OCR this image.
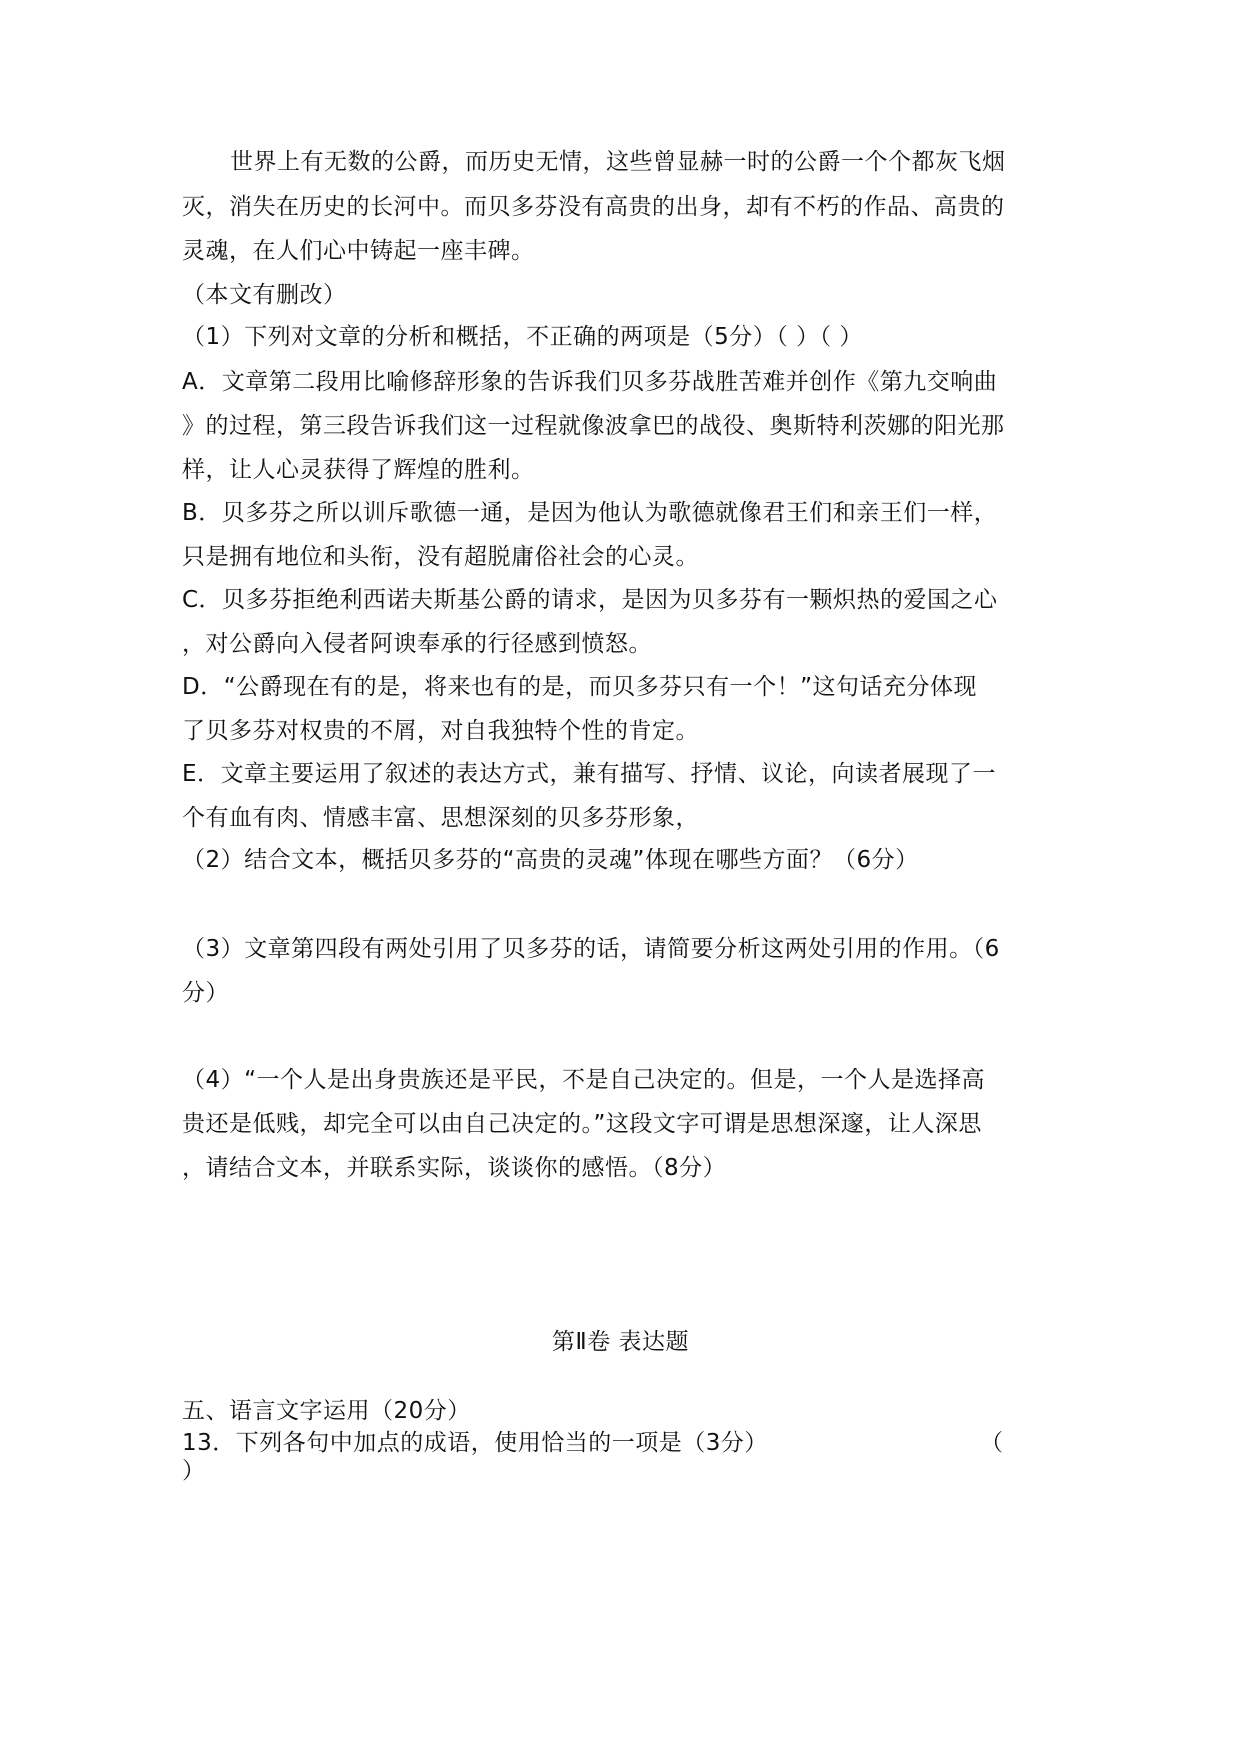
世界上有无数的公爵，而历史无情，这些曾显赫一时的公爵一个个都灰飞烟
灭，消失在历史的长河中。而贝多芬没有高贵的出身，却有不朽的作品、高贵的
灵魂，在人们心中铸起一座丰碑。
（本文有删改）
（1）下列对文章的分析和概括，不正确的两项是（5分）（ ）（ ）
A．文章第二段用比喻修辞形象的告诉我们贝多芬战胜苦难并创作《第九交响曲
》的过程，第三段告诉我们这一过程就像波拿巴的战役、奥斯特利茨娜的阳光那
样，让人心灵获得了辉煌的胜利。
B．贝多芬之所以训斥歌德一通，是因为他认为歌德就像君王们和亲王们一样，
只是拥有地位和头衔，没有超脱庸俗社会的心灵。
C．贝多芬拒绝利西诺夫斯基公爵的请求，是因为贝多芬有一颗炽热的爱国之心
，对公爵向入侵者阿谀奉承的行径感到愤怒。
D．“公爵现在有的是，将来也有的是，而贝多芬只有一个！”这句话充分体现
了贝多芬对权贵的不屑，对自我独特个性的肯定。
E．文章主要运用了叙述的表达方式，兼有描写、抒情、议论，向读者展现了一
个有血有肉、情感丰富、思想深刻的贝多芬形象，
（2）结合文本，概括贝多芬的“高贵的灵魂”体现在哪些方面？（6分）
（3）文章第四段有两处引用了贝多芬的话，请简要分析这两处引用的作用。（6
分）
（4）“一个人是出身贵族还是平民，不是自己决定的。但是，一个人是选择高
贵还是低贱，却完全可以由自己决定的。”这段文字可谓是思想深邃，让人深思
，请结合文本，并联系实际，谈谈你的感悟。（8分）
第Ⅱ卷 表达题
五、语言文字运用（20分）
13．下列各句中加点的成语，使用恰当的一项是（3分）	（
）
